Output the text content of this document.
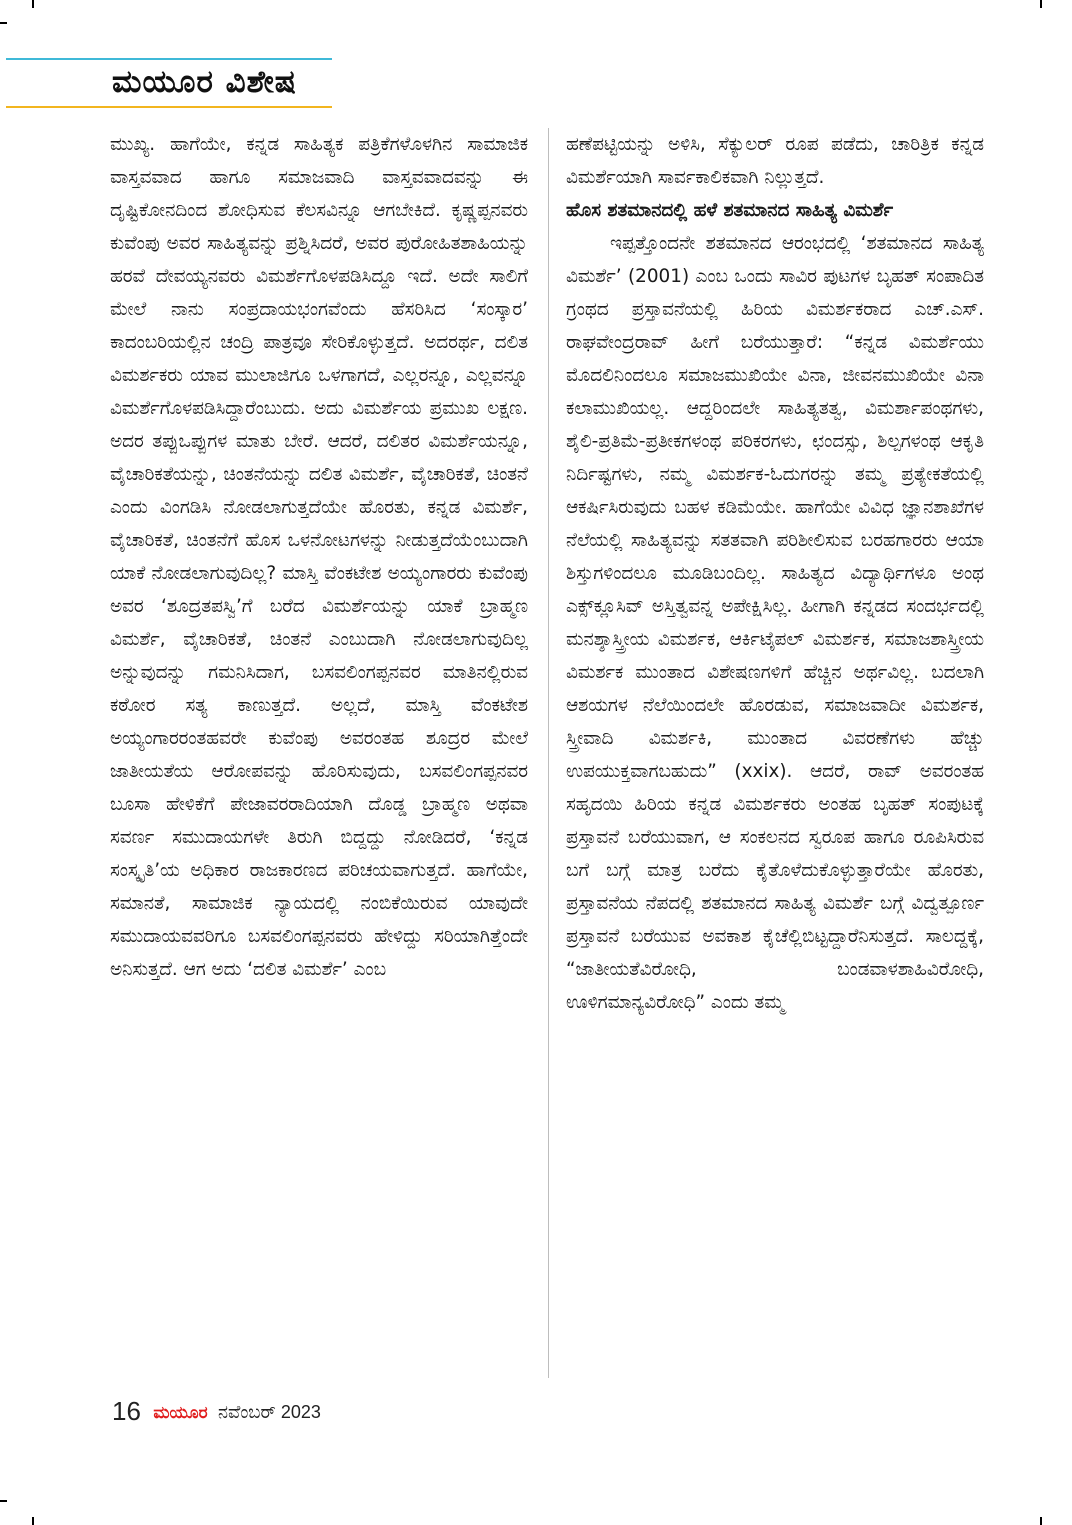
ಮಯೂರ ವಿಶೇಷ

ಮುಖ್ಯ. ಹಾಗೆಯೇ, ಕನ್ನಡ ಸಾಹಿತ್ಯಕ ಪತ್ರಿಕೆಗಳೊಳಗಿನ ಸಾಮಾಜಿಕ ವಾಸ್ತವವಾದ ಹಾಗೂ ಸಮಾಜವಾದಿ ವಾಸ್ತವವಾದವನ್ನು ಈ ದೃಷ್ಟಿಕೋನದಿಂದ ಶೋಧಿಸುವ ಕೆಲಸವಿನ್ನೂ ಆಗಬೇಕಿದೆ. ಕೃಷ್ಣಪ್ಪನವರು ಕುವೆಂಪು ಅವರ ಸಾಹಿತ್ಯವನ್ನು ಪ್ರಶ್ನಿಸಿದರೆ, ಅವರ ಪುರೋಹಿತಶಾಹಿಯನ್ನು ಹರವೆ ದೇವಯ್ಯನವರು ವಿಮರ್ಶೆಗೊಳಪಡಿಸಿದ್ದೂ ಇದೆ. ಅದೇ ಸಾಲಿಗೆ ಮೇಲೆ ನಾನು ಸಂಪ್ರದಾಯಭಂಗವೆಂದು ಹೆಸರಿಸಿದ ‘ಸಂಸ್ಕಾರ’ ಕಾದಂಬರಿಯಲ್ಲಿನ ಚಂದ್ರಿ ಪಾತ್ರವೂ ಸೇರಿಕೊಳ್ಳುತ್ತದೆ. ಅದರರ್ಥ, ದಲಿತ ವಿಮರ್ಶಕರು ಯಾವ ಮುಲಾಜಿಗೂ ಒಳಗಾಗದೆ, ಎಲ್ಲರನ್ನೂ, ಎಲ್ಲವನ್ನೂ ವಿಮರ್ಶೆಗೊಳಪಡಿಸಿದ್ದಾರೆಂಬುದು. ಅದು ವಿಮರ್ಶೆಯ ಪ್ರಮುಖ ಲಕ್ಷಣ. ಅದರ ತಪ್ಪುಒಪ್ಪುಗಳ ಮಾತು ಬೇರೆ. ಆದರೆ, ದಲಿತರ ವಿಮರ್ಶೆಯನ್ನೂ, ವೈಚಾರಿಕತೆಯನ್ನು, ಚಿಂತನೆಯನ್ನು ದಲಿತ ವಿಮರ್ಶೆ, ವೈಚಾರಿಕತೆ, ಚಿಂತನೆ ಎಂದು ವಿಂಗಡಿಸಿ ನೋಡಲಾಗುತ್ತದೆಯೇ ಹೊರತು, ಕನ್ನಡ ವಿಮರ್ಶೆ, ವೈಚಾರಿಕತೆ, ಚಿಂತನೆಗೆ ಹೊಸ ಒಳನೋಟಗಳನ್ನು ನೀಡುತ್ತದೆಯೆಂಬುದಾಗಿ ಯಾಕೆ ನೋಡಲಾಗುವುದಿಲ್ಲ? ಮಾಸ್ತಿ ವೆಂಕಟೇಶ ಅಯ್ಯಂಗಾರರು ಕುವೆಂಪು ಅವರ ‘ಶೂದ್ರತಪಸ್ವಿ’ಗೆ ಬರೆದ ವಿಮರ್ಶೆಯನ್ನು ಯಾಕೆ ಬ್ರಾಹ್ಮಣ ವಿಮರ್ಶೆ, ವೈಚಾರಿಕತೆ, ಚಿಂತನೆ ಎಂಬುದಾಗಿ ನೋಡಲಾಗುವುದಿಲ್ಲ ಅನ್ನುವುದನ್ನು ಗಮನಿಸಿದಾಗ, ಬಸವಲಿಂಗಪ್ಪನವರ ಮಾತಿನಲ್ಲಿರುವ ಕಠೋರ ಸತ್ಯ ಕಾಣುತ್ತದೆ. ಅಲ್ಲದೆ, ಮಾಸ್ತಿ ವೆಂಕಟೇಶ ಅಯ್ಯಂಗಾರರಂತಹವರೇ ಕುವೆಂಪು ಅವರಂತಹ ಶೂದ್ರರ ಮೇಲೆ ಜಾತೀಯತೆಯ ಆರೋಪವನ್ನು ಹೊರಿಸುವುದು, ಬಸವಲಿಂಗಪ್ಪನವರ ಬೂಸಾ ಹೇಳಿಕೆಗೆ ಪೇಜಾವರರಾದಿಯಾಗಿ ದೊಡ್ಡ ಬ್ರಾಹ್ಮಣ ಅಥವಾ ಸವರ್ಣ ಸಮುದಾಯಗಳೇ ತಿರುಗಿ ಬಿದ್ದದ್ದು ನೋಡಿದರೆ, ‘ಕನ್ನಡ ಸಂಸ್ಕೃತಿ’ಯ ಅಧಿಕಾರ ರಾಜಕಾರಣದ ಪರಿಚಯವಾಗುತ್ತದೆ. ಹಾಗೆಯೇ, ಸಮಾನತೆ, ಸಾಮಾಜಿಕ ನ್ಯಾಯದಲ್ಲಿ ನಂಬಿಕೆಯಿರುವ ಯಾವುದೇ ಸಮುದಾಯವವರಿಗೂ ಬಸವಲಿಂಗಪ್ಪನವರು ಹೇಳಿದ್ದು ಸರಿಯಾಗಿತ್ತೆಂದೇ ಅನಿಸುತ್ತದೆ. ಆಗ ಅದು ‘ದಲಿತ ವಿಮರ್ಶೆ’ ಎಂಬ

ಹಣೆಪಟ್ಟಿಯನ್ನು ಅಳಿಸಿ, ಸೆಕ್ಯುಲರ್ ರೂಪ ಪಡೆದು, ಚಾರಿತ್ರಿಕ ಕನ್ನಡ ವಿಮರ್ಶೆಯಾಗಿ ಸಾರ್ವಕಾಲಿಕವಾಗಿ ನಿಲ್ಲುತ್ತದೆ.

ಹೊಸ ಶತಮಾನದಲ್ಲಿ ಹಳೆ ಶತಮಾನದ ಸಾಹಿತ್ಯ ವಿಮರ್ಶೆ

ಇಪ್ಪತ್ತೊಂದನೇ ಶತಮಾನದ ಆರಂಭದಲ್ಲಿ ‘ಶತಮಾನದ ಸಾಹಿತ್ಯ ವಿಮರ್ಶೆ’ (2001) ಎಂಬ ಒಂದು ಸಾವಿರ ಪುಟಗಳ ಬೃಹತ್ ಸಂಪಾದಿತ ಗ್ರಂಥದ ಪ್ರಸ್ತಾವನೆಯಲ್ಲಿ ಹಿರಿಯ ವಿಮರ್ಶಕರಾದ ಎಚ್.ಎಸ್. ರಾಘವೇಂದ್ರರಾವ್ ಹೀಗೆ ಬರೆಯುತ್ತಾರೆ: “ಕನ್ನಡ ವಿಮರ್ಶೆಯು ಮೊದಲಿನಿಂದಲೂ ಸಮಾಜಮುಖಿಯೇ ವಿನಾ, ಜೀವನಮುಖಿಯೇ ವಿನಾ ಕಲಾಮುಖಿಯಲ್ಲ. ಆದ್ದರಿಂದಲೇ ಸಾಹಿತ್ಯತತ್ವ, ವಿಮರ್ಶಾಪಂಥಗಳು, ಶೈಲಿ-ಪ್ರತಿಮೆ-ಪ್ರತೀಕಗಳಂಥ ಪರಿಕರಗಳು, ಛಂದಸ್ಸು, ಶಿಲ್ಪಗಳಂಥ ಆಕೃತಿ ನಿರ್ದಿಷ್ಟಗಳು, ನಮ್ಮ ವಿಮರ್ಶಕ-ಓದುಗರನ್ನು ತಮ್ಮ ಪ್ರತ್ಯೇಕತೆಯಲ್ಲಿ ಆಕರ್ಷಿಸಿರುವುದು ಬಹಳ ಕಡಿಮೆಯೇ. ಹಾಗೆಯೇ ವಿವಿಧ ಜ್ಞಾನಶಾಖೆಗಳ ನೆಲೆಯಲ್ಲಿ ಸಾಹಿತ್ಯವನ್ನು ಸತತವಾಗಿ ಪರಿಶೀಲಿಸುವ ಬರಹಗಾರರು ಆಯಾ ಶಿಸ್ತುಗಳಿಂದಲೂ ಮೂಡಿಬಂದಿಲ್ಲ. ಸಾಹಿತ್ಯದ ವಿದ್ಯಾರ್ಥಿಗಳೂ ಅಂಥ ಎಕ್ಸ್‌ಕ್ಲೂಸಿವ್ ಅಸ್ತಿತ್ವವನ್ನ ಅಪೇಕ್ಷಿಸಿಲ್ಲ. ಹೀಗಾಗಿ ಕನ್ನಡದ ಸಂದರ್ಭದಲ್ಲಿ ಮನಶ್ಶಾಸ್ತ್ರೀಯ ವಿಮರ್ಶಕ, ಆರ್ಕಿಟೈಪಲ್ ವಿಮರ್ಶಕ, ಸಮಾಜಶಾಸ್ತ್ರೀಯ ವಿಮರ್ಶಕ ಮುಂತಾದ ವಿಶೇಷಣಗಳಿಗೆ ಹೆಚ್ಚಿನ ಅರ್ಥವಿಲ್ಲ. ಬದಲಾಗಿ ಆಶಯಗಳ ನೆಲೆಯಿಂದಲೇ ಹೊರಡುವ, ಸಮಾಜವಾದೀ ವಿಮರ್ಶಕ, ಸ್ತ್ರೀವಾದಿ ವಿಮರ್ಶಕಿ, ಮುಂತಾದ ವಿವರಣೆಗಳು ಹೆಚ್ಚು ಉಪಯುಕ್ತವಾಗಬಹುದು” (xxix). ಆದರೆ, ರಾವ್ ಅವರಂತಹ ಸಹೃದಯಿ ಹಿರಿಯ ಕನ್ನಡ ವಿಮರ್ಶಕರು ಅಂತಹ ಬೃಹತ್ ಸಂಪುಟಕ್ಕೆ ಪ್ರಸ್ತಾವನೆ ಬರೆಯುವಾಗ, ಆ ಸಂಕಲನದ ಸ್ವರೂಪ ಹಾಗೂ ರೂಪಿಸಿರುವ ಬಗೆ ಬಗ್ಗೆ ಮಾತ್ರ ಬರೆದು ಕೈತೊಳೆದುಕೊಳ್ಳುತ್ತಾರೆಯೇ ಹೊರತು, ಪ್ರಸ್ತಾವನೆಯ ನೆಪದಲ್ಲಿ ಶತಮಾನದ ಸಾಹಿತ್ಯ ವಿಮರ್ಶೆ ಬಗ್ಗೆ ವಿದ್ವತ್ಪೂರ್ಣ ಪ್ರಸ್ತಾವನೆ ಬರೆಯುವ ಅವಕಾಶ ಕೈಚೆಲ್ಲಿಬಿಟ್ಟದ್ದಾರೆನಿಸುತ್ತದೆ. ಸಾಲದ್ದಕ್ಕೆ, “ಜಾತೀಯತೆವಿರೋಧಿ, ಬಂಡವಾಳಶಾಹಿವಿರೋಧಿ, ಊಳಿಗಮಾನ್ಯವಿರೋಧಿ” ಎಂದು ತಮ್ಮ

16 ಮಯೂರ ನವೆಂಬರ್ 2023
